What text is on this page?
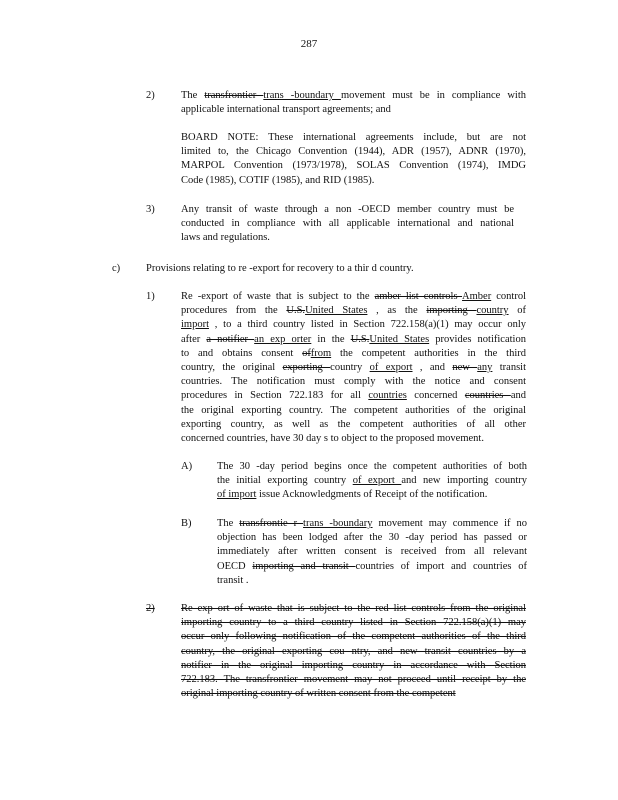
287
2)	The transfrontier trans -boundary movement must be in compliance with
applicable international transport agreements; and
BOARD NOTE: These international agreements include, but are not
limited to, the Chicago Convention (1944), ADR (1957), ADNR (1970),
MARPOL Convention (1973/1978), SOLAS Convention (1974), IMDG
Code (1985), COTIF (1985), and RID (1985).
3)	Any transit of waste through a non -OECD member country must be
conducted in compliance with all applicable international and national
laws and regulations.
c) Provisions relating to re -export for recovery to a thir d country.
1)	Re -export of waste that is subject to the amber list controls Amber control
procedures from the U.S.United States , as the importing country of
import , to a third country listed in Section 722.158(a)(1) may occur only
after a notifier an exp orter in the U.S.United States provides notification
to and obtains consent offrom the competent authorities in the third
country, the original exporting country of export , and new any transit
countries. The notification must comply with the notice and consent
procedures in Section 722.183 for all countries concerned countries and
the original exporting country. The competent authorities of the original
exporting country, as well as the competent authorities of all other
concerned countries, have 30 day s to object to the proposed movement.
A) The 30 -day period begins once the competent authorities of both
the initial exporting country of export and new importing country
of import issue Acknowledgments of Receipt of the notification.
B) The transfrontie r trans -boundary movement may commence if no
objection has been lodged after the 30 -day period has passed or
immediately after written consent is received from all relevant
OECD importing and transit countries of import and countries of
transit .
2)	Re exp ort of waste that is subject to the red list controls from the original
importing country to a third country listed in Section 722.158(a)(1) may
occur only following notification of the competent authorities of the third
country, the original exporting cou ntry, and new transit countries by a
notifier in the original importing country in accordance with Section
722.183. The transfrontier movement may not proceed until receipt by the
original importing country of written consent from the competent
